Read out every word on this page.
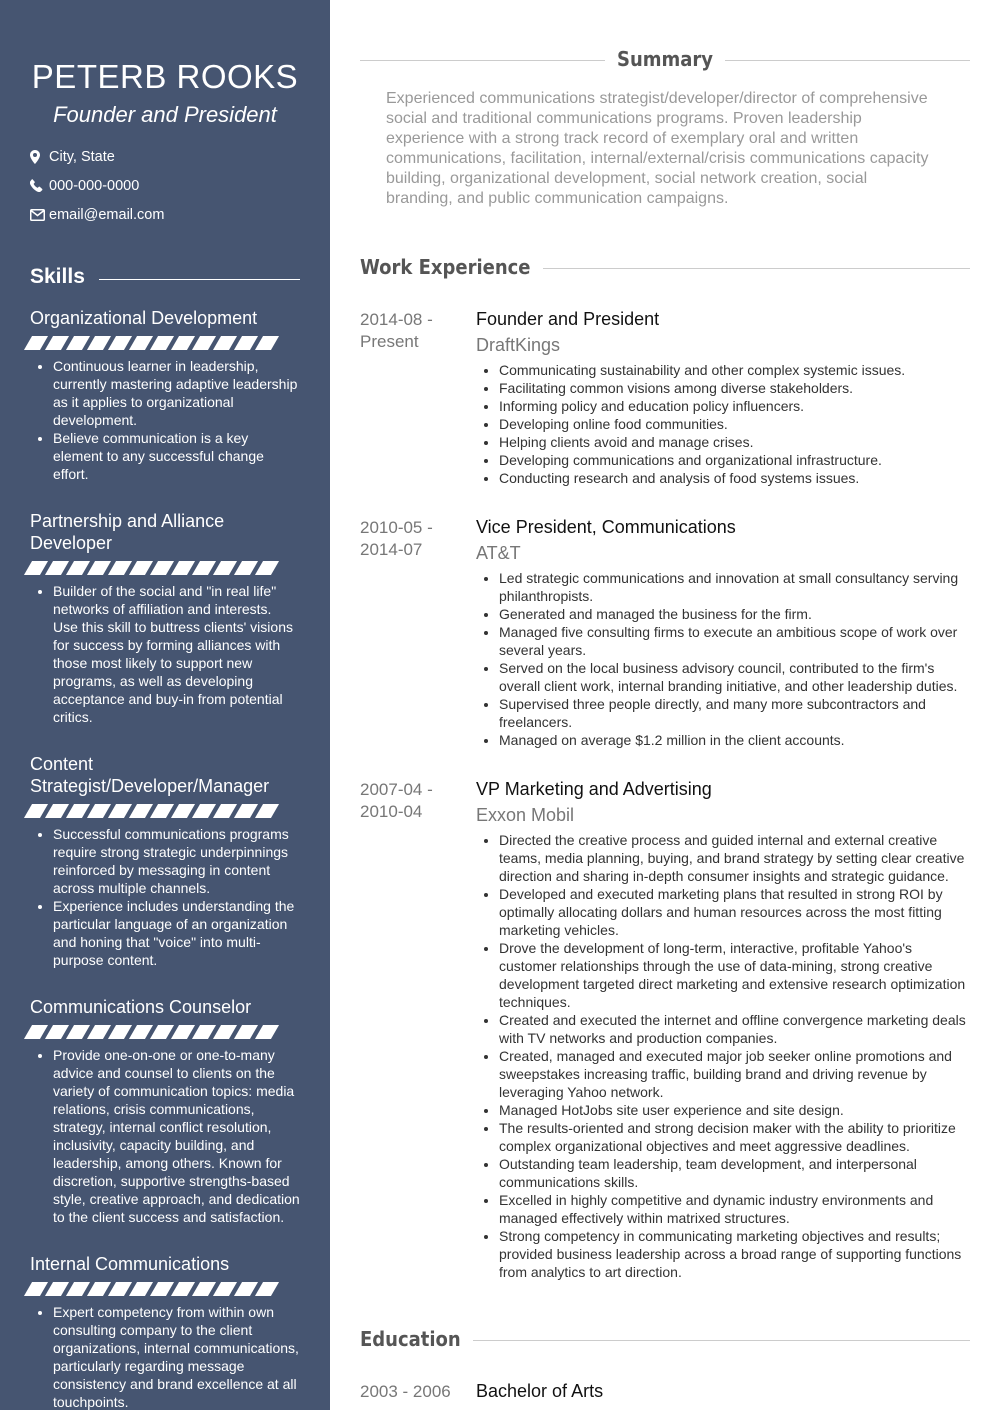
PETERB ROOKS
Founder and President
City, State
000-000-0000
email@email.com
Skills
Organizational Development
• Continuous learner in leadership, currently mastering adaptive leadership as it applies to organizational development.
• Believe communication is a key element to any successful change effort.
Partnership and Alliance Developer
• Builder of the social and "in real life" networks of affiliation and interests. Use this skill to buttress clients' visions for success by forming alliances with those most likely to support new programs, as well as developing acceptance and buy-in from potential critics.
Content Strategist/Developer/Manager
• Successful communications programs require strong strategic underpinnings reinforced by messaging in content across multiple channels.
• Experience includes understanding the particular language of an organization and honing that "voice" into multi-purpose content.
Communications Counselor
• Provide one-on-one or one-to-many advice and counsel to clients on the variety of communication topics: media relations, crisis communications, strategy, internal conflict resolution, inclusivity, capacity building, and leadership, among others. Known for discretion, supportive strengths-based style, creative approach, and dedication to the client success and satisfaction.
Internal Communications
• Expert competency from within own consulting company to the client organizations, internal communications, particularly regarding message consistency and brand excellence at all touchpoints.
Summary

Experienced communications strategist/developer/director of comprehensive social and traditional communications programs. Proven leadership experience with a strong track record of exemplary oral and written communications, facilitation, internal/external/crisis communications capacity building, organizational development, social network creation, social branding, and public communication campaigns.

Work Experience
2014-08 -
Present
Founder and President
DraftKings
• Communicating sustainability and other complex systemic issues.
• Facilitating common visions among diverse stakeholders.
• Informing policy and education policy influencers.
• Developing online food communities.
• Helping clients avoid and manage crises.
• Developing communications and organizational infrastructure.
• Conducting research and analysis of food systems issues.
2010-05 -
2014-07
Vice President, Communications
AT&T
• Led strategic communications and innovation at small consultancy serving philanthropists.
• Generated and managed the business for the firm.
• Managed five consulting firms to execute an ambitious scope of work over several years.
• Served on the local business advisory council, contributed to the firm's overall client work, internal branding initiative, and other leadership duties.
• Supervised three people directly, and many more subcontractors and freelancers.
• Managed on average $1.2 million in the client accounts.
2007-04 -
2010-04
VP Marketing and Advertising
Exxon Mobil
• Directed the creative process and guided internal and external creative teams, media planning, buying, and brand strategy by setting clear creative direction and sharing in-depth consumer insights and strategic guidance.
• Developed and executed marketing plans that resulted in strong ROI by optimally allocating dollars and human resources across the most fitting marketing vehicles.
• Drove the development of long-term, interactive, profitable Yahoo's customer relationships through the use of data-mining, strong creative development targeted direct marketing and extensive research optimization techniques.
• Created and executed the internet and offline convergence marketing deals with TV networks and production companies.
• Created, managed and executed major job seeker online promotions and sweepstakes increasing traffic, building brand and driving revenue by leveraging Yahoo network.
• Managed HotJobs site user experience and site design.
• The results-oriented and strong decision maker with the ability to prioritize complex organizational objectives and meet aggressive deadlines.
• Outstanding team leadership, team development, and interpersonal communications skills.
• Excelled in highly competitive and dynamic industry environments and managed effectively within matrixed structures.
• Strong competency in communicating marketing objectives and results; provided business leadership across a broad range of supporting functions from analytics to art direction.
Education
2003 - 2006	Bachelor of Arts
